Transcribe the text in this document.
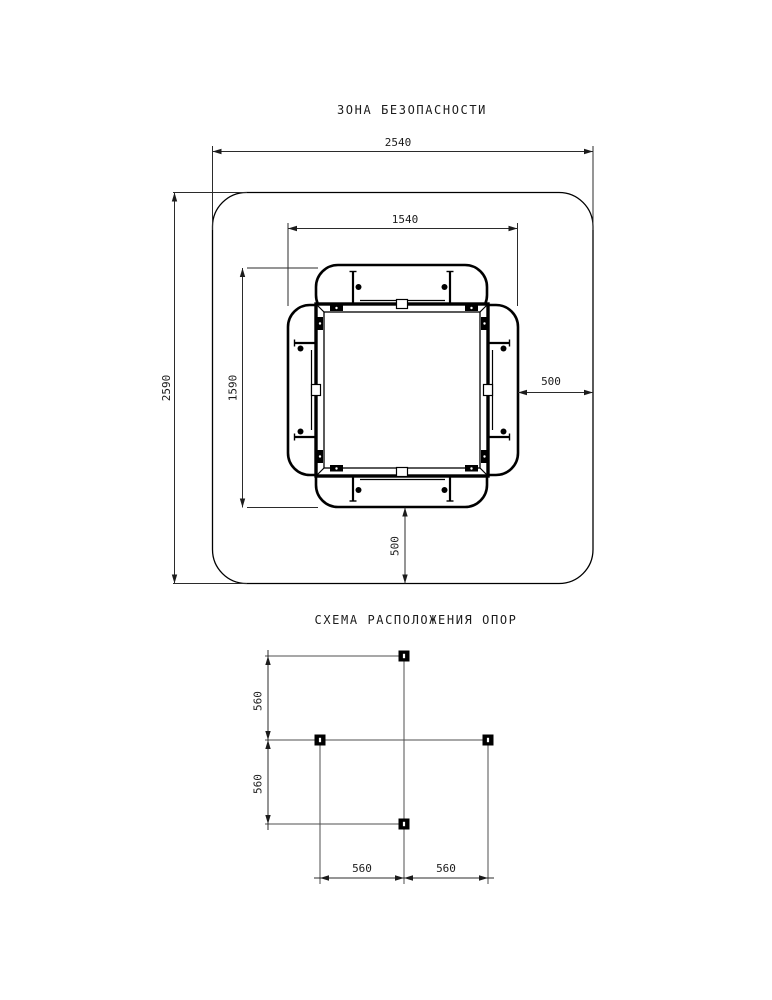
ЗОНА БЕЗОПАСНОСТИ
2540
2590
1540
1590	500
500
СХЕМА РАСПОЛОЖЕНИЯ ОПОР
560
560
560	560
